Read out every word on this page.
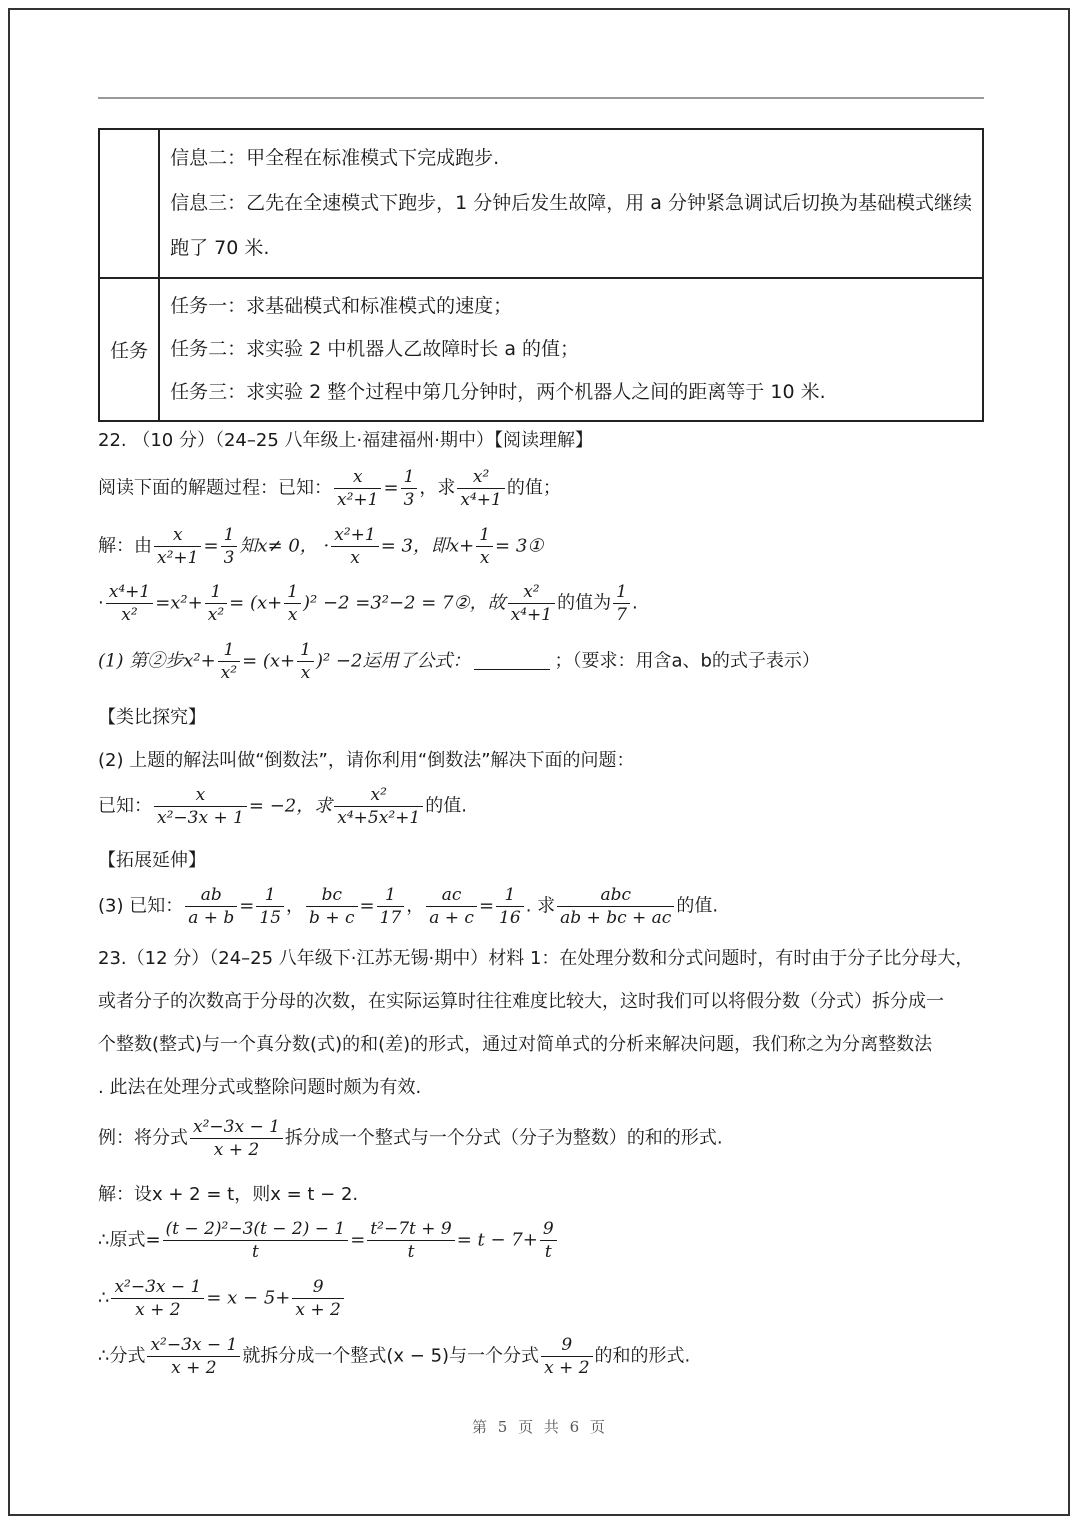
	信息二：甲全程在标准模式下完成跑步.
信息三：乙先在全速模式下跑步，1 分钟后发生故障，用 a 分钟紧急调试后切换为基础模式继续
跑了 70 米.

任务	任务一：求基础模式和标准模式的速度；
任务二：求实验 2 中机器人乙故障时长 a 的值；
任务三：求实验 2 整个过程中第几分钟时，两个机器人之间的距离等于 10 米.
22. （10 分）（24–25 八年级上·福建福州·期中）【阅读理解】
阅读下面的解题过程：已知： $\frac{x}{\text{x²+1}} = \frac{1}{3}$ ，求 $\frac{\text{x²}}{\text{x⁴+1}}$ 的值；
解：由 $\frac{x}{\text{x²+1}} = \frac{1}{3}$ 知x≠ 0， · $\frac{\text{x²+1}}{x} = 3$，即$x+ \frac{1}{x}$ = 3①
· $\frac{\text{x⁴+1}}{\text{x²}} =x^2+ \frac{1}{\text{x²}} = (x+ \frac{1}{x} )^2 -2 =3^2-2$ = 7②，故 $\frac{\text{x²}}{\text{x⁴+1}}$ 的值为 $\frac{1}{7}$ .
(1) 第②步$x^2+ \frac{1}{\text{x²}} = (x+ \frac{1}{x} )^2 -2$运用了公式：	；（要求：用含a、b的式子表示）
【类比探究】
(2) 上题的解法叫做“倒数法”，请你利用“倒数法”解决下面的问题：
已知： $\frac{x}{\text{x²−3x + 1}} = -2$，求 $\frac{\text{x²}}{\text{x⁴+5x²+1}}$ 的值.
【拓展延伸】
(3) 已知： $\frac{ab}{a + b} = \frac{1}{15}$ ， $\frac{bc}{b + c} = \frac{1}{17}$ ， $\frac{ac}{a + c} = \frac{1}{16}$ . 求 $\frac{\text{abc}}{ab + bc + ac}$ 的值.
23.（12 分）（24–25 八年级下·江苏无锡·期中）材料 1：在处理分数和分式问题时，有时由于分子比分母大，
或者分子的次数高于分母的次数，在实际运算时往往难度比较大，这时我们可以将假分数（分式）拆分成一
个整数(整式)与一个真分数(式)的和(差)的形式，通过对简单式的分析来解决问题，我们称之为分离整数法
. 此法在处理分式或整除问题时颇为有效.
例：将分式 $\frac{\text{x²−3x − 1}}{x + 2}$ 拆分成一个整式与一个分式（分子为整数）的和的形式.
解：设x + 2 = t，则x = t − 2.
∴原式= $\frac{\text{(t − 2)²−3(t − 2) − 1}}{t} = \frac{\text{t²−7t + 9}}{t} = t - 7+ \frac{9}{t}$
∴ $\frac{\text{x²−3x − 1}}{x + 2} = x - 5+ \frac{9}{x + 2}$
∴分式 $\frac{\text{x²−3x − 1}}{x + 2}$ 就拆分成一个整式(x − 5)与一个分式 $\frac{9}{x + 2}$ 的和的形式.
第 5 页 共 6 页
